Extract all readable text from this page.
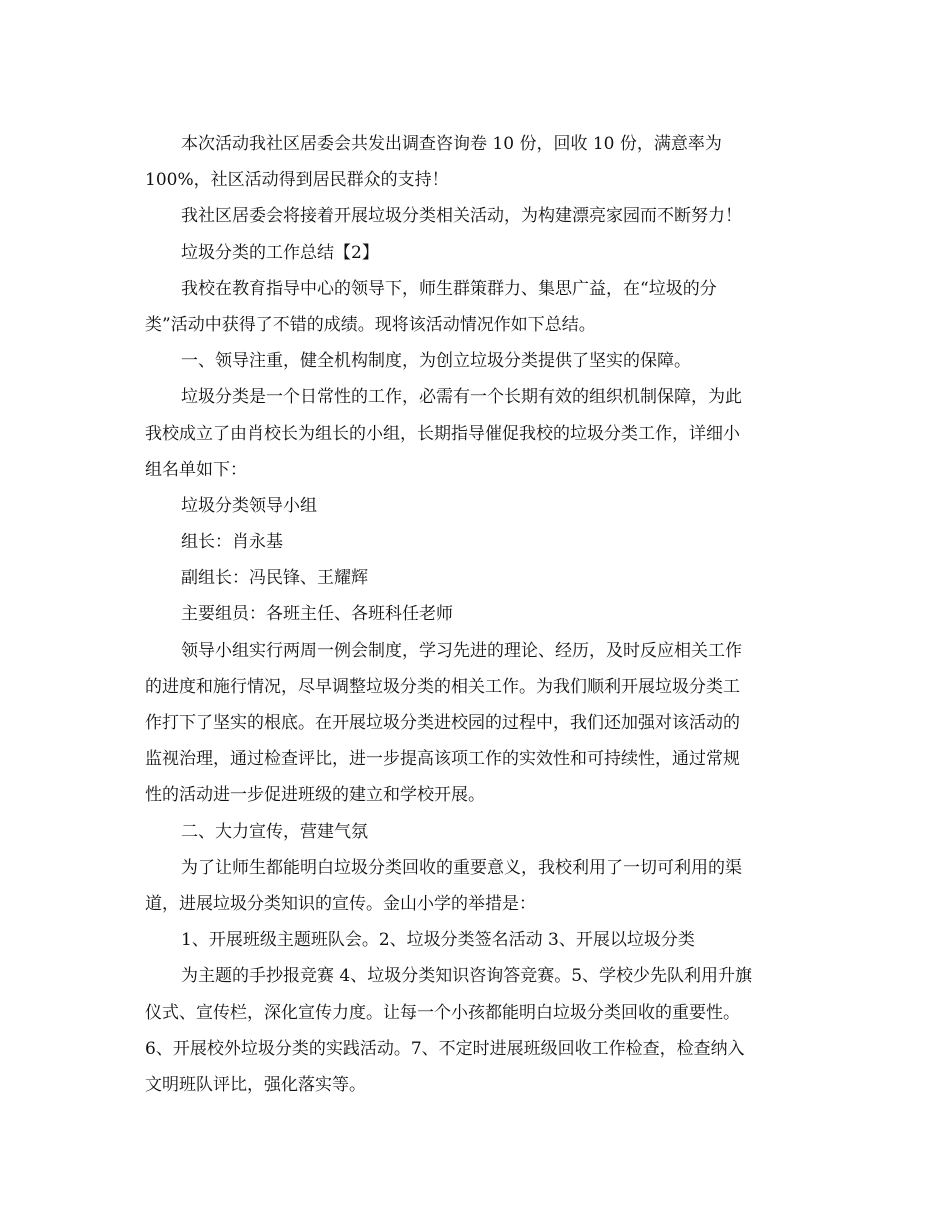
本次活动我社区居委会共发出调查咨询卷 10 份，回收 10 份，满意率为
100%，社区活动得到居民群众的支持！
我社区居委会将接着开展垃圾分类相关活动，为构建漂亮家园而不断努力！
垃圾分类的工作总结【2】
我校在教育指导中心的领导下，师生群策群力、集思广益，在“垃圾的分
类”活动中获得了不错的成绩。现将该活动情况作如下总结。
一、领导注重，健全机构制度，为创立垃圾分类提供了坚实的保障。
垃圾分类是一个日常性的工作，必需有一个长期有效的组织机制保障，为此
我校成立了由肖校长为组长的小组，长期指导催促我校的垃圾分类工作，详细小
组名单如下：
垃圾分类领导小组
组长：肖永基
副组长：冯民锋、王耀辉
主要组员：各班主任、各班科任老师
领导小组实行两周一例会制度，学习先进的理论、经历，及时反应相关工作
的进度和施行情况，尽早调整垃圾分类的相关工作。为我们顺利开展垃圾分类工
作打下了坚实的根底。在开展垃圾分类进校园的过程中，我们还加强对该活动的
监视治理，通过检查评比，进一步提高该项工作的实效性和可持续性，通过常规
性的活动进一步促进班级的建立和学校开展。
二、大力宣传，营建气氛
为了让师生都能明白垃圾分类回收的重要意义，我校利用了一切可利用的渠
道，进展垃圾分类知识的宣传。金山小学的举措是：
1、开展班级主题班队会。2、垃圾分类签名活动 3、开展以垃圾分类
为主题的手抄报竞赛 4、垃圾分类知识咨询答竞赛。5、学校少先队利用升旗
仪式、宣传栏，深化宣传力度。让每一个小孩都能明白垃圾分类回收的重要性。
6、开展校外垃圾分类的实践活动。7、不定时进展班级回收工作检查，检查纳入
文明班队评比，强化落实等。
